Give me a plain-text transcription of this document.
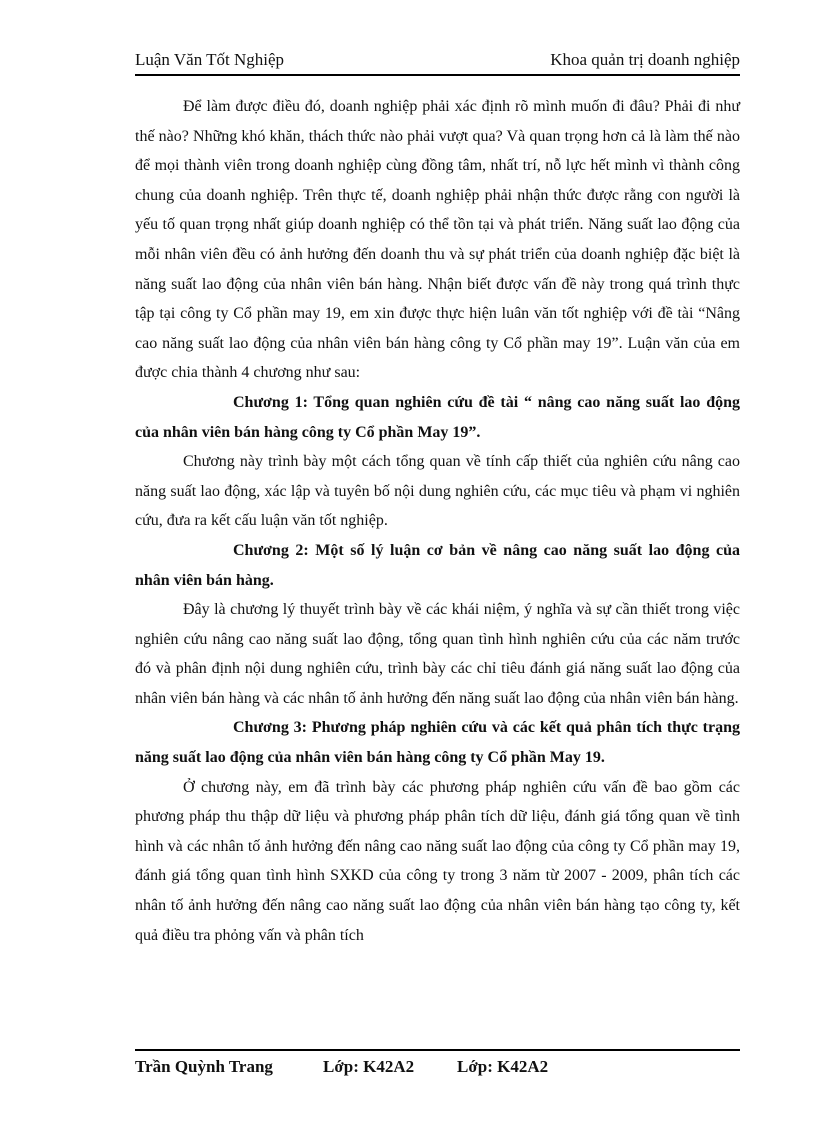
Luận Văn Tốt Nghiệp	Khoa quản trị doanh nghiệp

Để làm được điều đó, doanh nghiệp phải xác định rõ mình muốn đi đâu? Phải đi như thế nào? Những khó khăn, thách thức nào phải vượt qua? Và quan trọng hơn cả là làm thế nào để mọi thành viên trong doanh nghiệp cùng đồng tâm, nhất trí, nỗ lực hết mình vì thành công chung của doanh nghiệp. Trên thực tế, doanh nghiệp phải nhận thức được rằng con người là yếu tố quan trọng nhất giúp doanh nghiệp có thể tồn tại và phát triển. Năng suất lao động của mỗi nhân viên đều có ảnh hưởng đến doanh thu và sự phát triển của doanh nghiệp đặc biệt là năng suất lao động của nhân viên bán hàng. Nhận biết được vấn đề này trong quá trình thực tập tại công ty Cổ phần may 19, em xin được thực hiện luân văn tốt nghiệp với đề tài “Nâng cao năng suất lao động của nhân viên bán hàng công ty Cổ phần may 19”. Luận văn của em được chia thành 4 chương như sau:

Chương 1: Tổng quan nghiên cứu đề tài “ nâng cao năng suất lao động của nhân viên bán hàng công ty Cổ phần May 19”.

Chương này trình bày một cách tổng quan về tính cấp thiết của nghiên cứu nâng cao năng suất lao động, xác lập và tuyên bố nội dung nghiên cứu, các mục tiêu và phạm vi nghiên cứu, đưa ra kết cấu luận văn tốt nghiệp.

Chương 2: Một số lý luận cơ bản về nâng cao năng suất lao động của nhân viên bán hàng.

Đây là chương lý thuyết trình bày về các khái niệm, ý nghĩa và sự cần thiết trong việc nghiên cứu nâng cao năng suất lao động, tổng quan tình hình nghiên cứu của các năm trước đó và phân định nội dung nghiên cứu, trình bày các chỉ tiêu đánh giá năng suất lao động của nhân viên bán hàng và các nhân tố ảnh hưởng đến năng suất lao động của nhân viên bán hàng.

Chương 3: Phương pháp nghiên cứu và các kết quả phân tích thực trạng năng suất lao động của nhân viên bán hàng công ty Cổ phần May 19.

Ở chương này, em đã trình bày các phương pháp nghiên cứu vấn đề bao gồm các phương pháp thu thập dữ liệu và phương pháp phân tích dữ liệu, đánh giá tổng quan về tình hình và các nhân tố ảnh hưởng đến nâng cao năng suất lao động của công ty Cổ phần may 19, đánh giá tổng quan tình hình SXKD của công ty trong 3 năm từ 2007 - 2009, phân tích các nhân tố ảnh hưởng đến nâng cao năng suất lao động của nhân viên bán hàng tạo công ty, kết quả điều tra phỏng vấn và phân tích

Trần Quỳnh Trang	Lớp: K42A2	Lớp: K42A2
